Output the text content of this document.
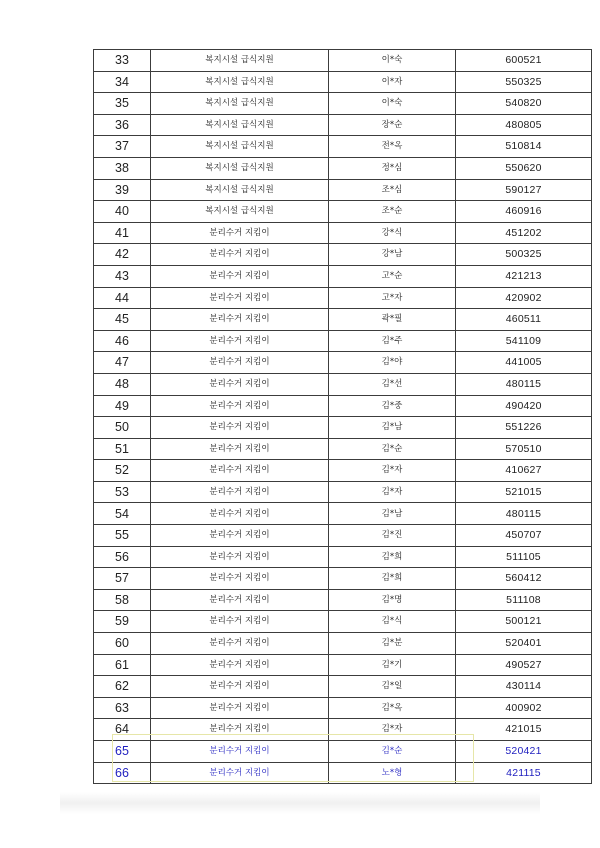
33	복지시설 급식지원	이*숙	600521
34	복지시설 급식지원	이*자	550325
35	복지시설 급식지원	이*숙	540820
36	복지시설 급식지원	장*순	480805
37	복지시설 급식지원	전*옥	510814
38	복지시설 급식지원	정*심	550620
39	복지시설 급식지원	조*심	590127
40	복지시설 급식지원	조*순	460916
41	분리수거 지킴이	강*식	451202
42	분리수거 지킴이	강*남	500325
43	분리수거 지킴이	고*순	421213
44	분리수거 지킴이	고*자	420902
45	분리수거 지킴이	곽*필	460511
46	분리수거 지킴이	김*주	541109
47	분리수거 지킴이	김*야	441005
48	분리수거 지킴이	김*선	480115
49	분리수거 지킴이	김*중	490420
50	분리수거 지킴이	김*남	551226
51	분리수거 지킴이	김*순	570510
52	분리수거 지킴이	김*자	410627
53	분리수거 지킴이	김*자	521015
54	분리수거 지킴이	김*남	480115
55	분리수거 지킴이	김*진	450707
56	분리수거 지킴이	김*희	511105
57	분리수거 지킴이	김*희	560412
58	분리수거 지킴이	김*명	511108
59	분리수거 지킴이	김*식	500121
60	분리수거 지킴이	김*분	520401
61	분리수거 지킴이	김*기	490527
62	분리수거 지킴이	김*일	430114
63	분리수거 지킴이	김*옥	400902
64	분리수거 지킴이	김*자	421015
65	분리수거 지킴이	김*순	520421
66	분리수거 지킴이	노*형	421115
